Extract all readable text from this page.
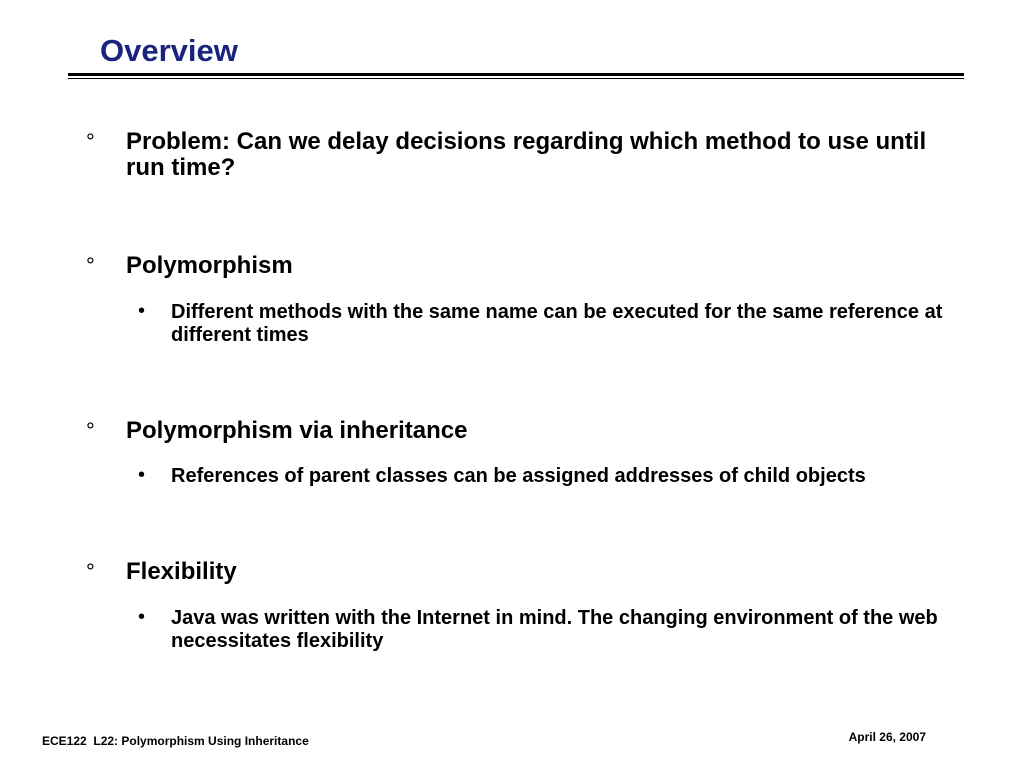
Overview
° Problem: Can we delay decisions regarding which method to use until run time?
° Polymorphism
• Different methods with the same name can be executed for the same reference at different times
° Polymorphism via inheritance
• References of parent classes can be assigned addresses of child objects
° Flexibility
• Java was written with the Internet in mind. The changing environment of the web necessitates flexibility
ECE122  L22: Polymorphism Using Inheritance	April 26, 2007
